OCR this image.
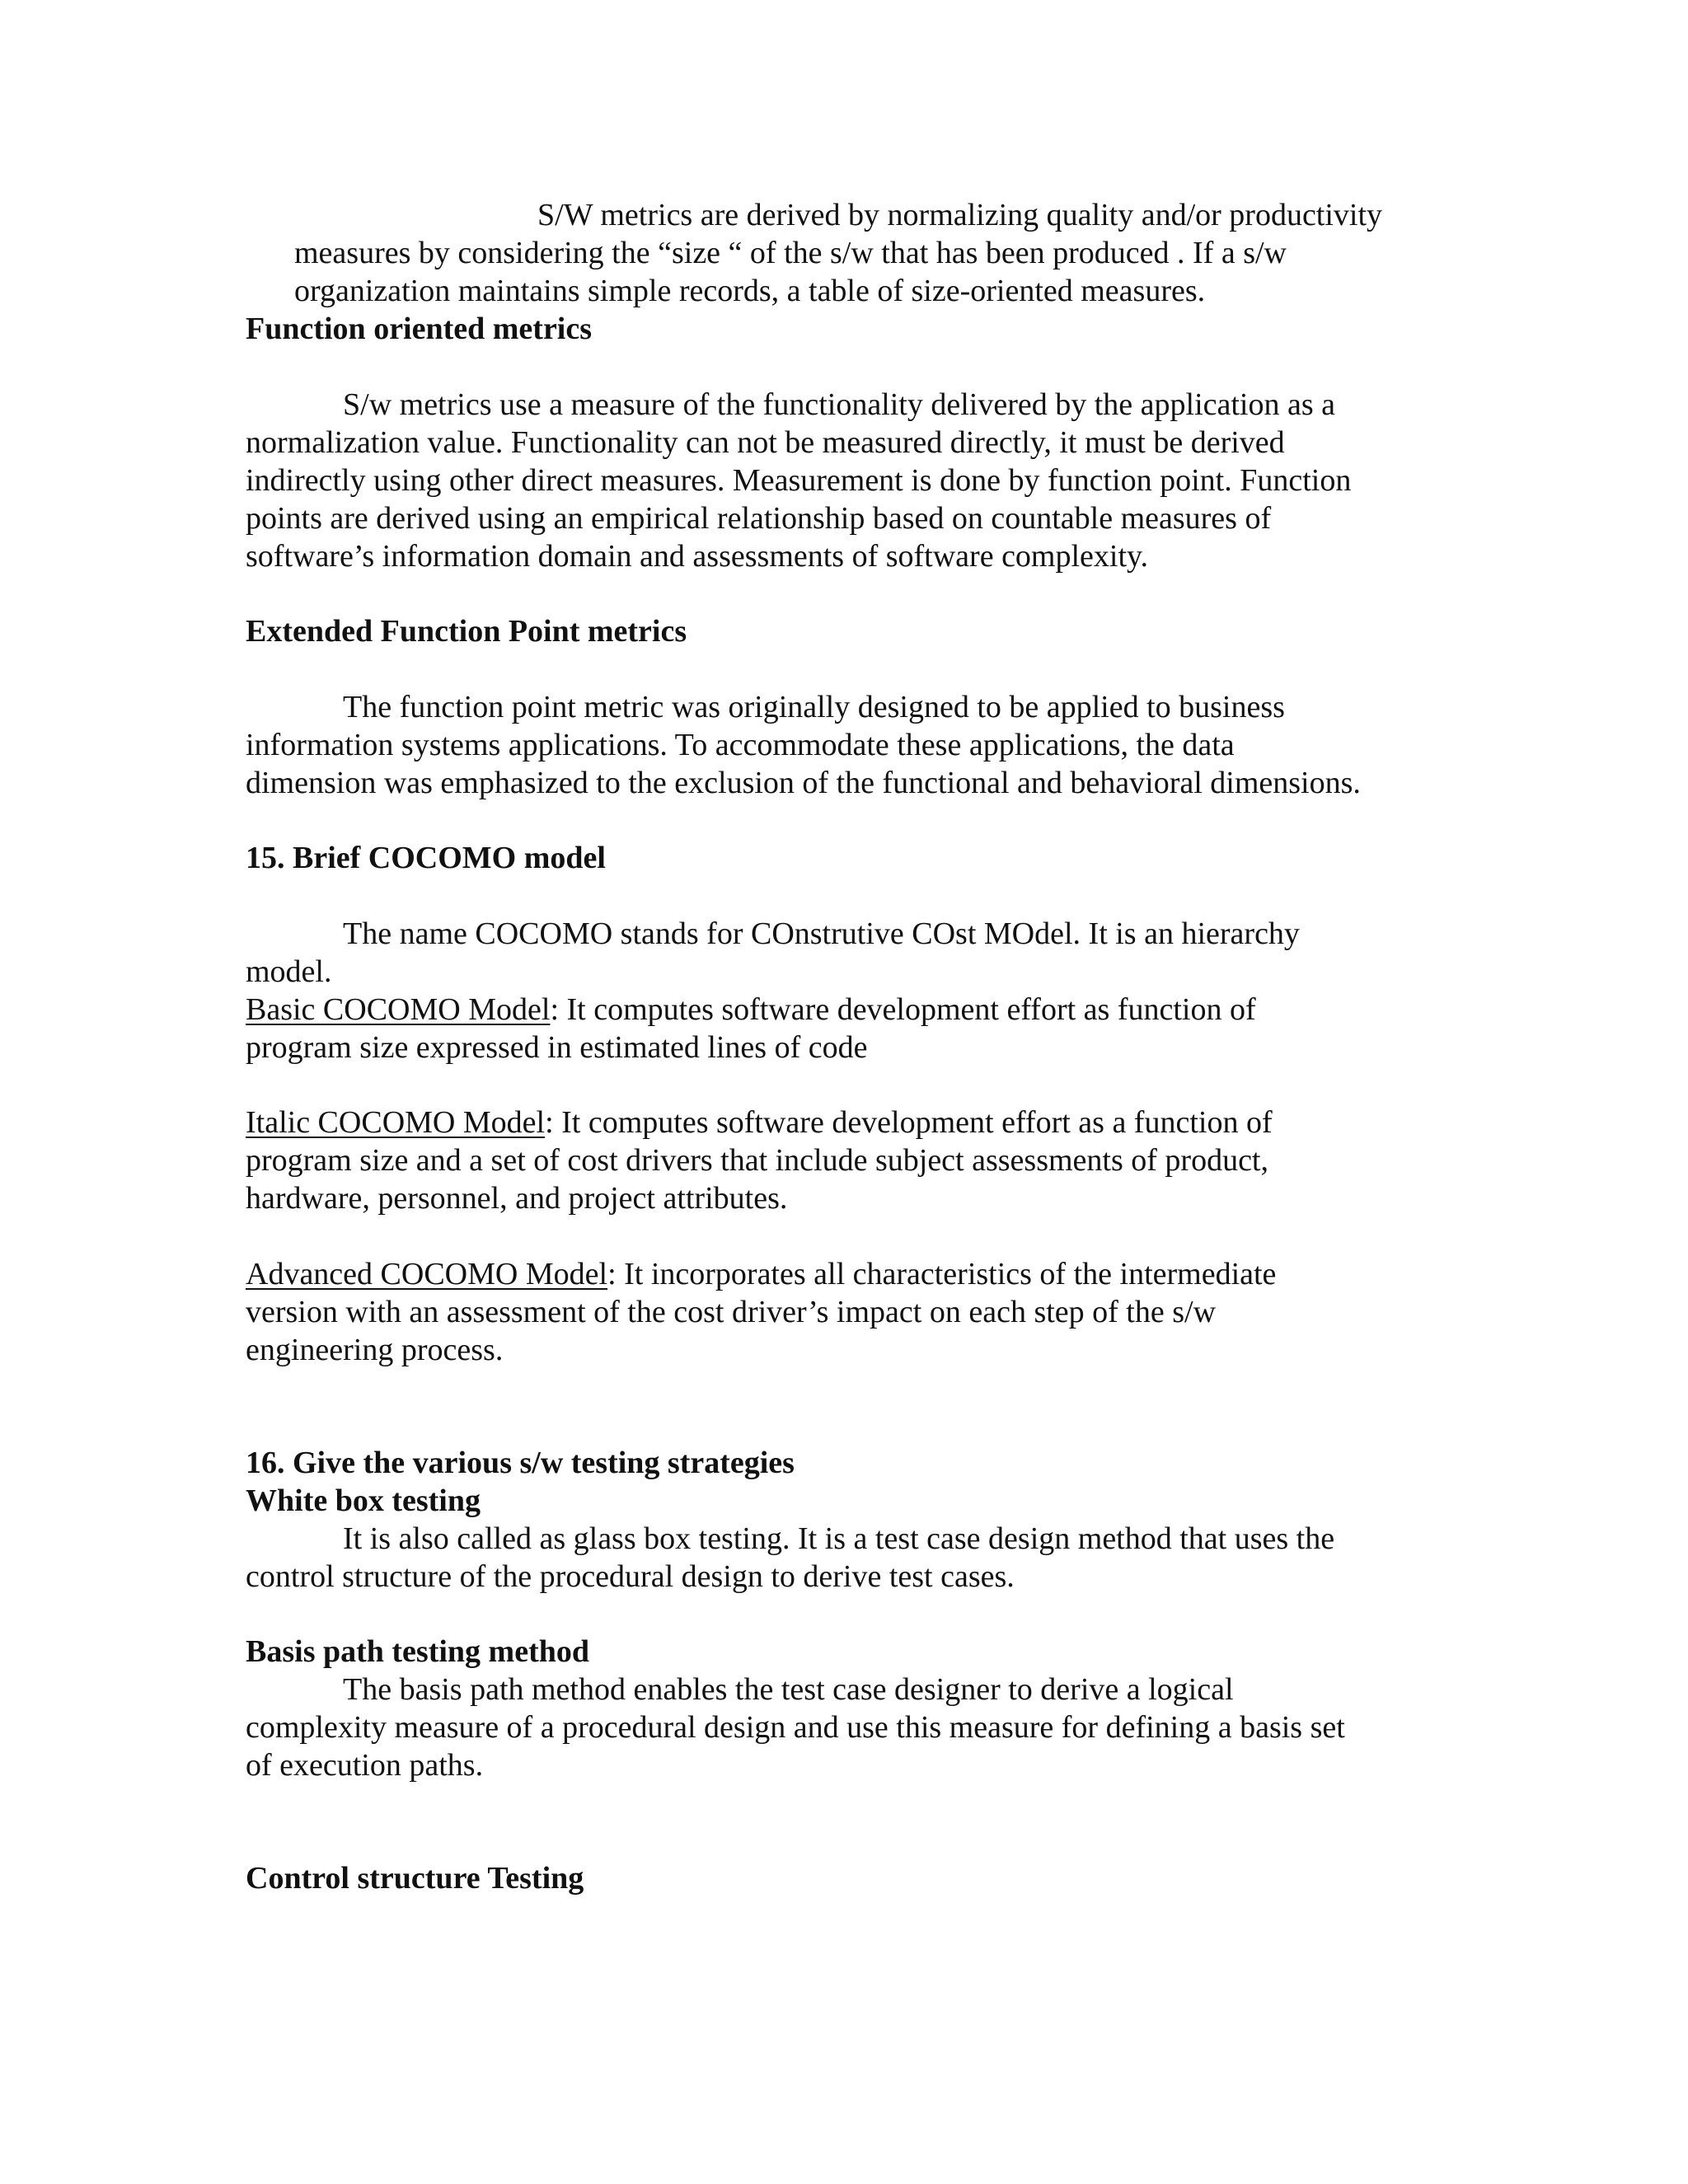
S/W metrics are derived by normalizing quality and/or productivity

measures by considering the “size “ of the s/w that has been produced . If a s/w

organization maintains simple records, a table of size-oriented measures.

Function oriented metrics

S/w metrics use a measure of the functionality delivered by the application as a

normalization value. Functionality can not be measured directly, it must be derived

indirectly using other direct measures. Measurement is done by function point. Function

points are derived using an empirical relationship based on countable measures of

software’s information domain and assessments of software complexity.

Extended Function Point metrics

The function point metric was originally designed to be applied to business

information systems applications. To accommodate these applications, the data

dimension was emphasized to the exclusion of the functional and behavioral dimensions.

15. Brief COCOMO model

The name COCOMO stands for COnstrutive COst MOdel. It is an hierarchy

model.

Basic COCOMO Model: It computes software development effort as function of

program size expressed in estimated lines of code

Italic COCOMO Model: It computes software development effort as a function of

program size and a set of cost drivers that include subject assessments of product,

hardware, personnel, and project attributes.

Advanced COCOMO Model: It incorporates all characteristics of the intermediate

version with an assessment of the cost driver’s impact on each step of the s/w

engineering process.

16. Give the various s/w testing strategies

White box testing

It is also called as glass box testing. It is a test case design method that uses the

control structure of the procedural design to derive test cases.

Basis path testing method

The basis path method enables the test case designer to derive a logical

complexity measure of a procedural design and use this measure for defining a basis set

of execution paths.

Control structure Testing
